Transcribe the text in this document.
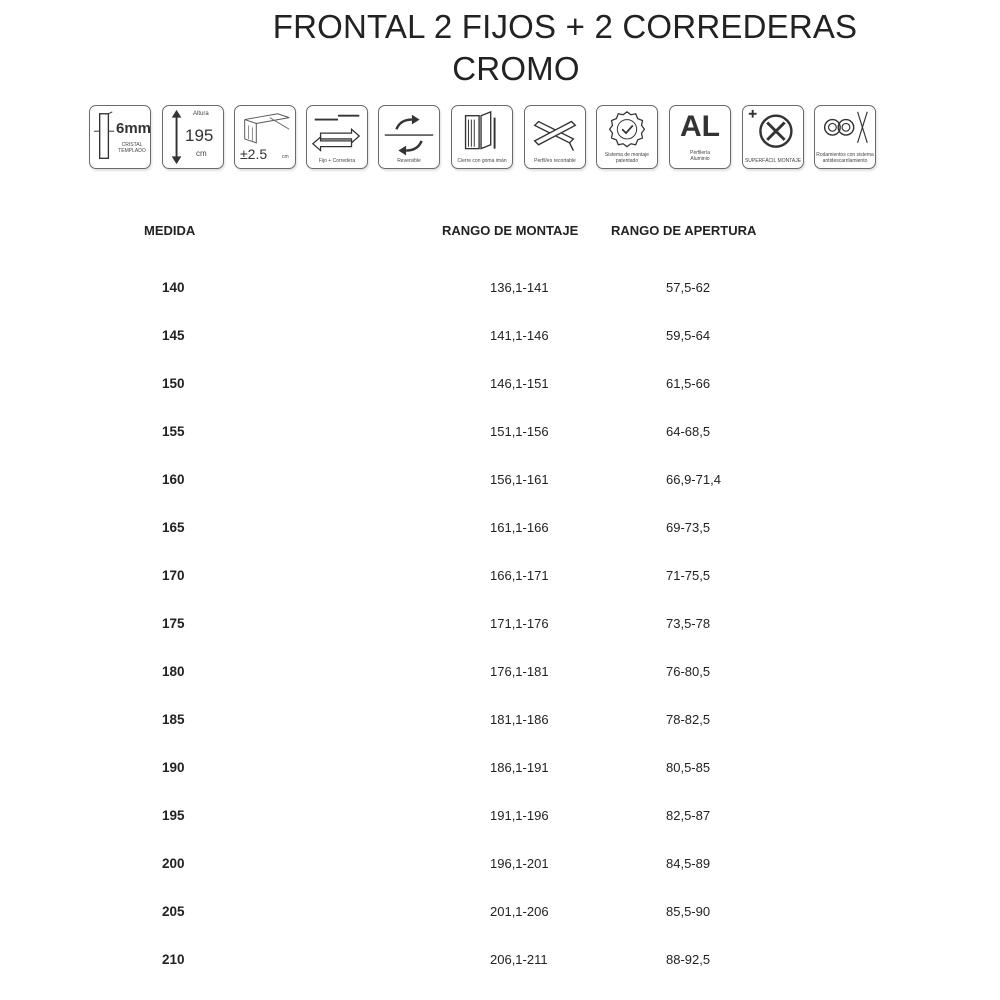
FRONTAL 2 FIJOS + 2 CORREDERAS
CROMO
6mm
CRISTAL TEMPLADO
Altura
195
cm ±2.5	cm
Fijo + Corredera	Reversible	Cierre con goma imán	Perfil/es recortable
Sistema de montaje patentado
AL
Perfilería Aluminio	SUPERFÁCIL MONTAJE
Rodamientos con sistema antidescarrilamiento
MEDIDA	RANGO DE MONTAJE	RANGO DE APERTURA
140	136,1-141	57,5-62
145	141,1-146	59,5-64
150	146,1-151	61,5-66
155	151,1-156	64-68,5
160	156,1-161	66,9-71,4
165	161,1-166	69-73,5
170	166,1-171	71-75,5
175	171,1-176	73,5-78
180	176,1-181	76-80,5
185	181,1-186	78-82,5
190	186,1-191	80,5-85
195	191,1-196	82,5-87
200	196,1-201	84,5-89
205	201,1-206	85,5-90
210	206,1-211	88-92,5
